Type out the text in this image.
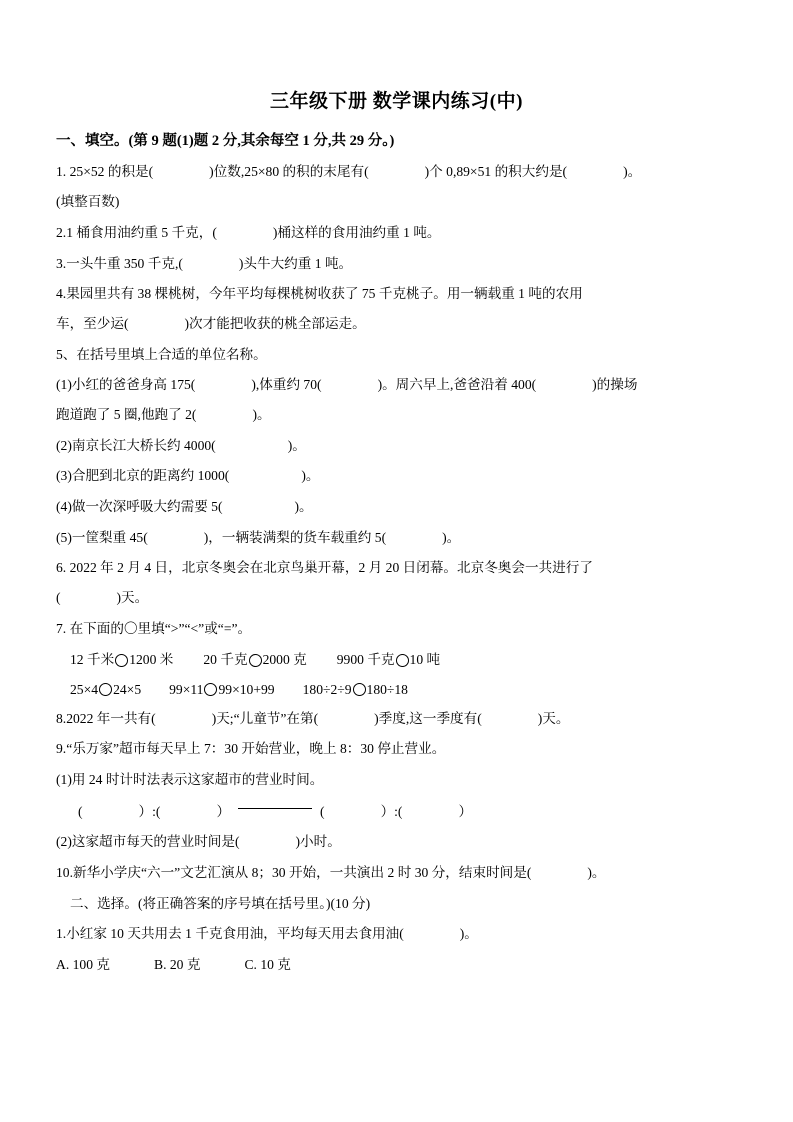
三年级下册 数学课内练习(中)
一、填空。(第 9 题(1)题 2 分,其余每空 1 分,共 29 分。)
1. 25×52 的积是(	)位数,25×80 的积的末尾有(	)个 0,89×51 的积大约是(	)。
(填整百数)
2.1 桶食用油约重 5 千克，(	)桶这样的食用油约重 1 吨。
3.一头牛重 350 千克,(	)头牛大约重 1 吨。
4.果园里共有 38 棵桃树，今年平均每棵桃树收获了 75 千克桃子。用一辆载重 1 吨的农用
车，至少运(	)次才能把收获的桃全部运走。
5、在括号里填上合适的单位名称。
(1)小红的爸爸身高 175(	),体重约 70(	)。周六早上,爸爸沿着 400(	)的操场
跑道跑了 5 圈,他跑了 2(	)。
(2)南京长江大桥长约 4000(	)。
(3)合肥到北京的距离约 1000(	)。
(4)做一次深呼吸大约需要 5(	)。
(5)一筐梨重 45(	)，一辆装满梨的货车载重约 5(	)。
6. 2022 年 2 月 4 日，北京冬奥会在北京鸟巢开幕，2 月 20 日闭幕。北京冬奥会一共进行了
(	)天。
7. 在下面的〇里填“>”“<”或“=”。
12 千米 1200 米 20 千克 2000 克 9900 千克 10 吨
25×4 24×5 99×11 99×10+99 180÷2÷9 180÷18
8.2022 年一共有(	)天;“儿童节”在第(	)季度,这一季度有(	)天。
9.“乐万家”超市每天早上 7：30 开始营业，晚上 8：30 停止营业。
(1)用 24 时计时法表示这家超市的营业时间。
(	）:(	）	(	）:(	）
(2)这家超市每天的营业时间是(	)小时。
10.新华小学庆“六一”文艺汇演从 8；30 开始，一共演出 2 时 30 分，结束时间是(	)。
二、选择。(将正确答案的序号填在括号里。)(10 分)
1.小红家 10 天共用去 1 千克食用油，平均每天用去食用油(	)。
A. 100 克	B. 20 克	C. 10 克
